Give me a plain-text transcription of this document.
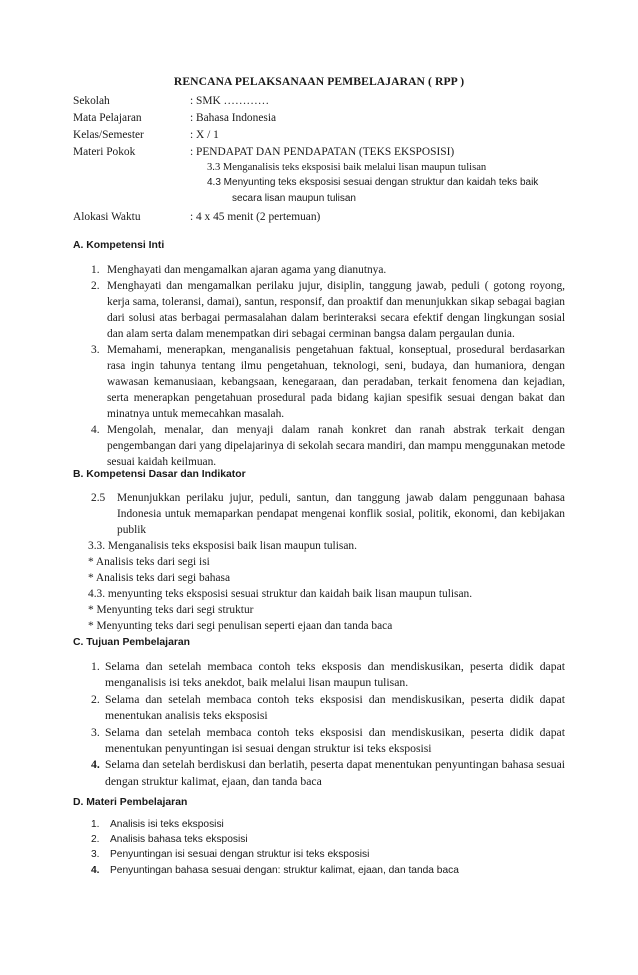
RENCANA PELAKSANAAN PEMBELAJARAN ( RPP )
Sekolah	: SMK …………
Mata Pelajaran	: Bahasa Indonesia
Kelas/Semester	: X / 1
Materi Pokok	: PENDAPAT DAN PENDAPATAN (TEKS EKSPOSISI)
3.3 Menganalisis teks eksposisi baik melalui lisan maupun tulisan
4.3 Menyunting teks eksposisi sesuai dengan struktur dan kaidah teks baik
secara lisan maupun tulisan
Alokasi Waktu	: 4 x 45 menit (2 pertemuan)
A. Kompetensi Inti
1. Menghayati dan mengamalkan ajaran agama yang dianutnya.
2. Menghayati dan mengamalkan perilaku jujur, disiplin, tanggung jawab, peduli ( gotong royong, kerja sama, toleransi, damai), santun, responsif, dan proaktif dan menunjukkan sikap sebagai bagian dari solusi atas berbagai permasalahan dalam berinteraksi secara efektif dengan lingkungan sosial dan alam serta dalam menempatkan diri sebagai cerminan bangsa dalam pergaulan dunia.
3. Memahami, menerapkan, menganalisis pengetahuan faktual, konseptual, prosedural berdasarkan rasa ingin tahunya tentang ilmu pengetahuan, teknologi, seni, budaya, dan humaniora, dengan wawasan kemanusiaan, kebangsaan, kenegaraan, dan peradaban, terkait fenomena dan kejadian, serta menerapkan pengetahuan prosedural pada bidang kajian spesifik sesuai dengan bakat dan minatnya untuk memecahkan masalah.
4. Mengolah, menalar, dan menyaji dalam ranah konkret dan ranah abstrak terkait dengan pengembangan dari yang dipelajarinya di sekolah secara mandiri, dan mampu menggunakan metode sesuai kaidah keilmuan.
B. Kompetensi Dasar dan Indikator
2.5	Menunjukkan perilaku jujur, peduli, santun, dan tanggung jawab dalam penggunaan bahasa Indonesia untuk memaparkan pendapat mengenai konflik sosial, politik, ekonomi, dan kebijakan publik
3.3. Menganalisis teks eksposisi baik lisan maupun tulisan.
* Analisis teks dari segi isi
* Analisis teks dari segi bahasa
4.3. menyunting teks eksposisi sesuai struktur dan kaidah baik lisan maupun tulisan.
* Menyunting teks dari segi struktur
* Menyunting teks dari segi penulisan seperti ejaan dan tanda baca
C. Tujuan Pembelajaran
1. Selama dan setelah membaca contoh teks eksposis dan mendiskusikan, peserta didik dapat menganalisis isi teks anekdot, baik melalui lisan maupun tulisan.
2. Selama dan setelah membaca contoh teks eksposisi dan mendiskusikan, peserta didik dapat menentukan analisis teks eksposisi
3. Selama dan setelah membaca contoh teks eksposisi dan mendiskusikan, peserta didik dapat menentukan penyuntingan isi sesuai dengan struktur isi teks eksposisi
4. Selama dan setelah berdiskusi dan berlatih, peserta dapat menentukan penyuntingan bahasa sesuai dengan struktur kalimat, ejaan, dan tanda baca
D. Materi Pembelajaran
1.	Analisis isi teks eksposisi
2.	Analisis bahasa teks eksposisi
3.	Penyuntingan isi sesuai dengan struktur isi teks eksposisi
4.	Penyuntingan bahasa sesuai dengan: struktur kalimat, ejaan, dan tanda baca
